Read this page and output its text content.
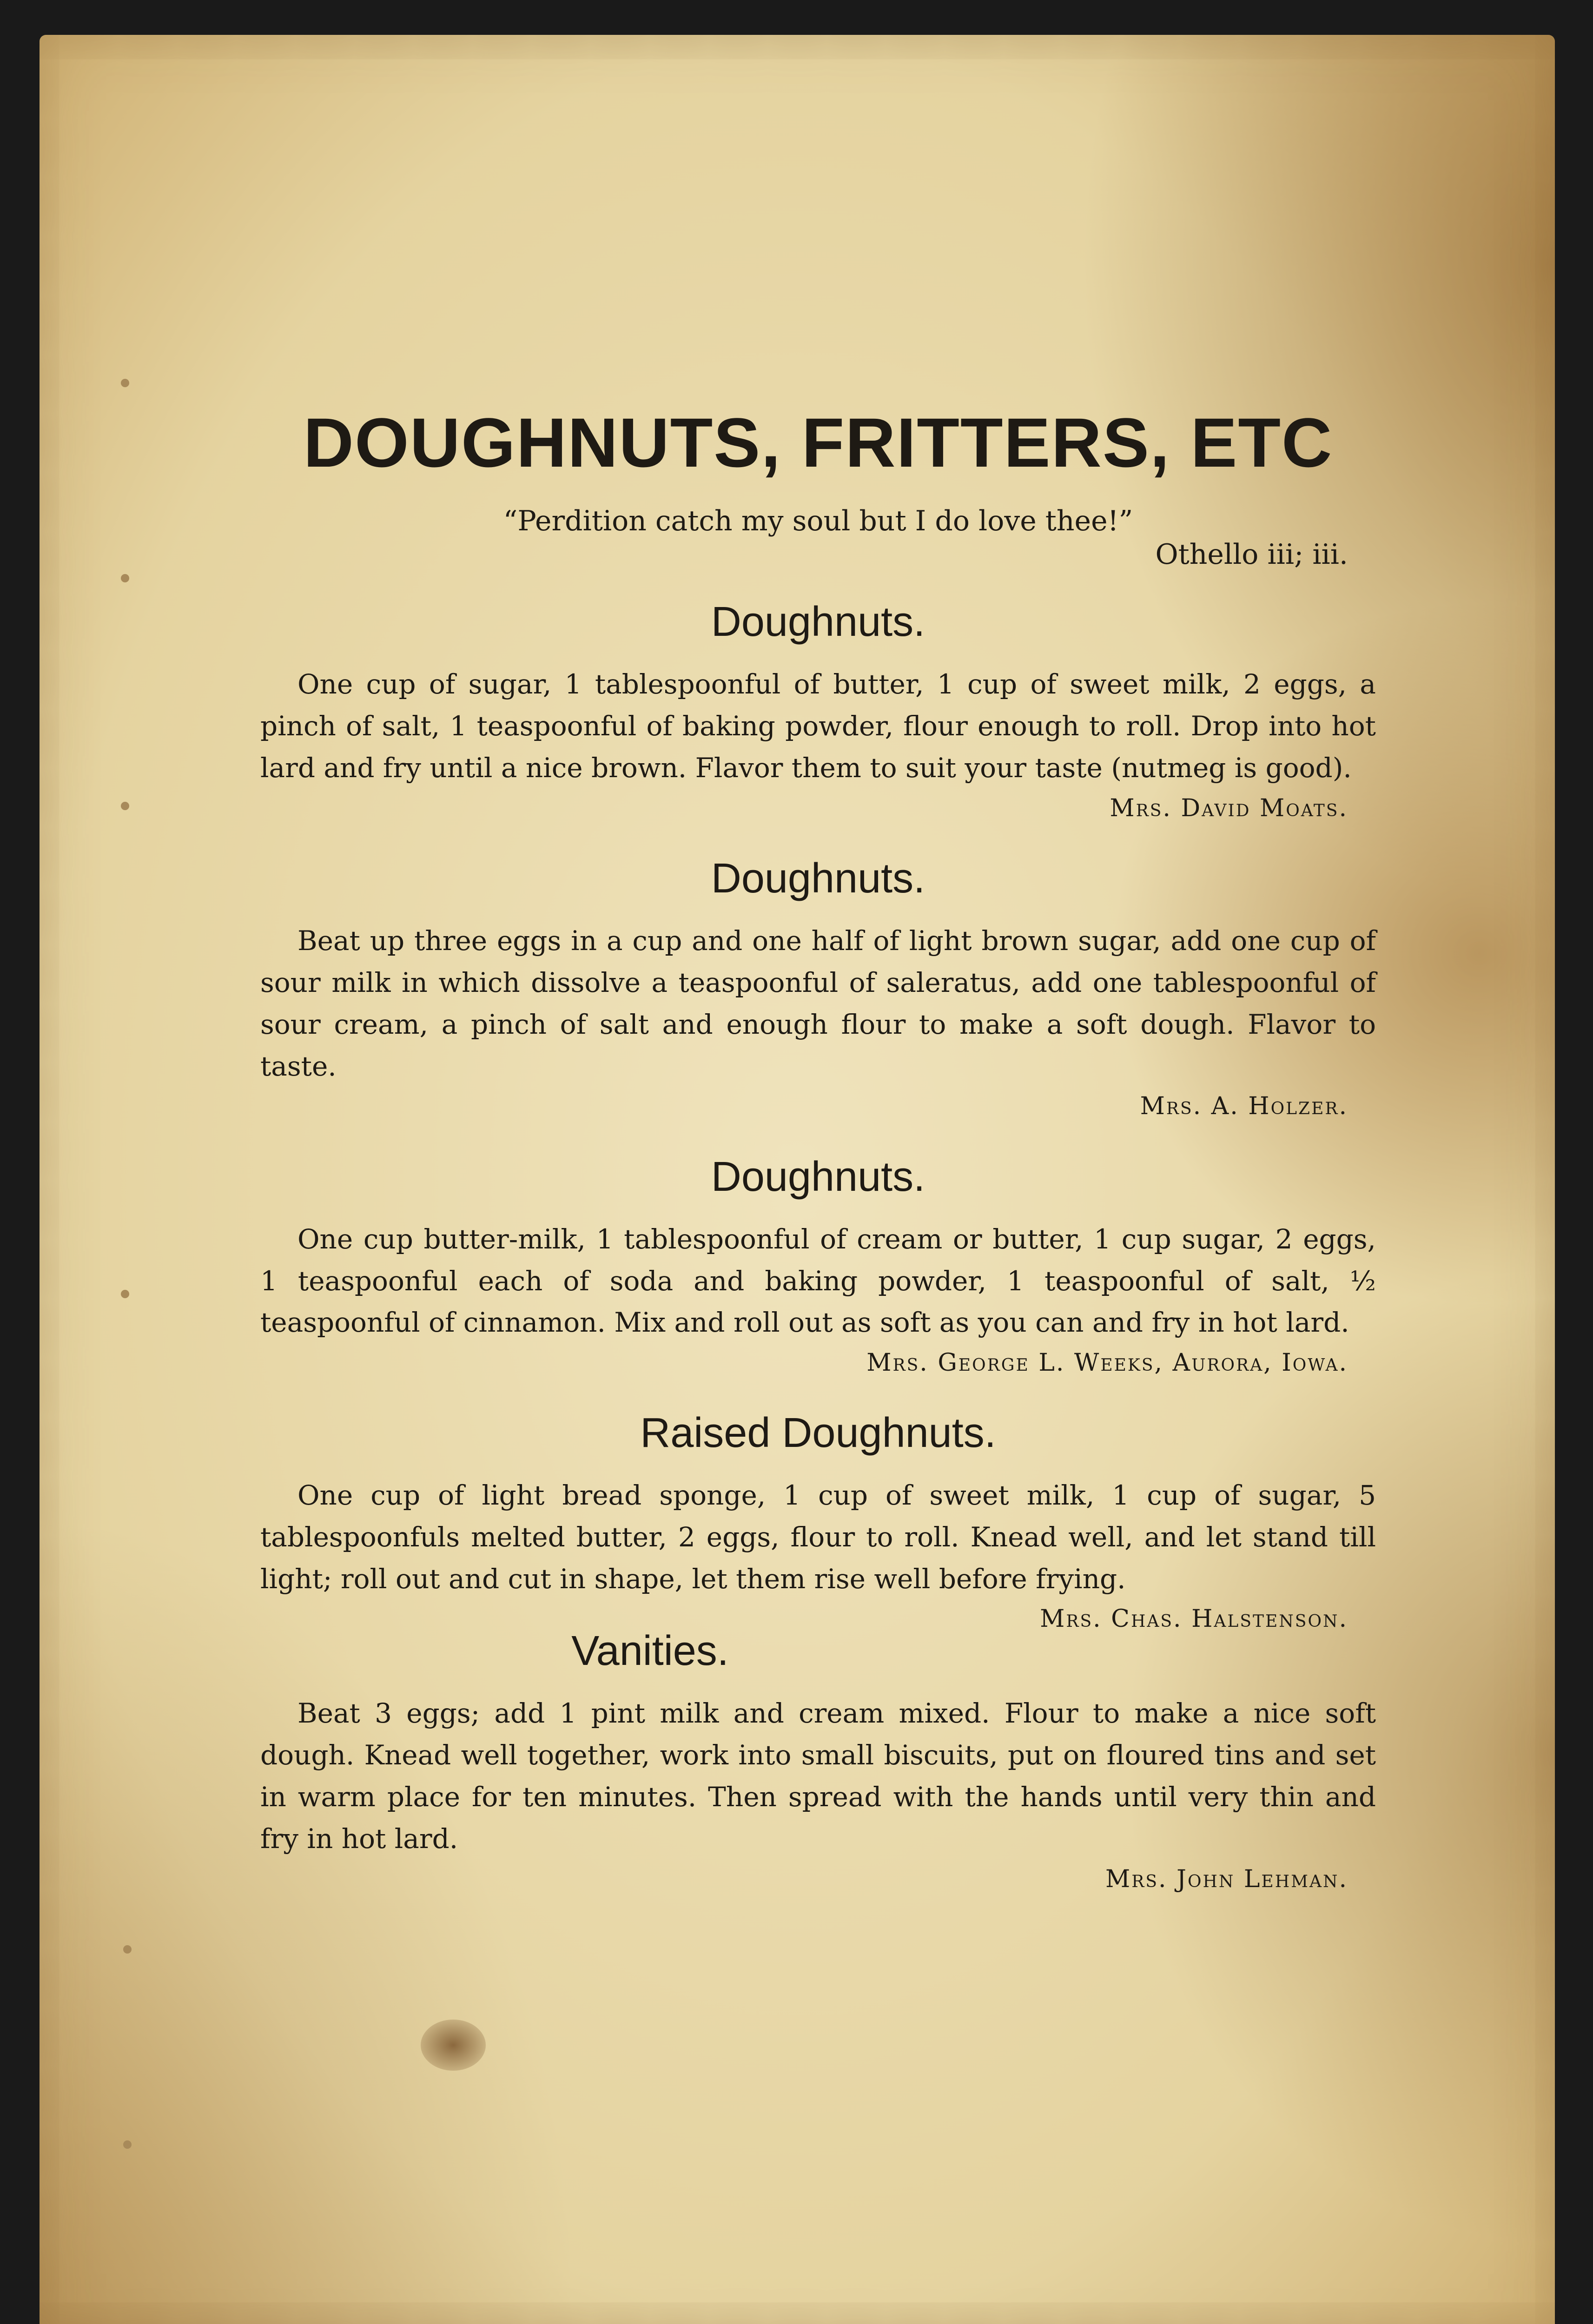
DOUGHNUTS, FRITTERS, ETC
“Perdition catch my soul but I do love thee!”
Othello iii; iii.
Doughnuts.

One cup of sugar, 1 tablespoonful of butter, 1 cup of sweet milk, 2 eggs, a pinch of salt, 1 teaspoonful of baking powder, flour enough to roll. Drop into hot lard and fry until a nice brown. Flavor them to suit your taste (nutmeg is good).

Mrs. David Moats.
Doughnuts.

Beat up three eggs in a cup and one half of light brown sugar, add one cup of sour milk in which dissolve a teaspoonful of saleratus, add one tablespoonful of sour cream, a pinch of salt and enough flour to make a soft dough. Flavor to taste.

Mrs. A. Holzer.
Doughnuts.

One cup butter-milk, 1 tablespoonful of cream or butter, 1 cup sugar, 2 eggs, 1 teaspoonful each of soda and baking powder, 1 teaspoonful of salt, ½ teaspoonful of cinnamon. Mix and roll out as soft as you can and fry in hot lard.

Mrs. George L. Weeks, Aurora, Iowa.
Raised Doughnuts.

One cup of light bread sponge, 1 cup of sweet milk, 1 cup of sugar, 5 tablespoonfuls melted butter, 2 eggs, flour to roll. Knead well, and let stand till light; roll out and cut in shape, let them rise well before frying.
Mrs. Chas. Halstenson.

Vanities.

Beat 3 eggs; add 1 pint milk and cream mixed. Flour to make a nice soft dough. Knead well together, work into small biscuits, put on floured tins and set in warm place for ten minutes. Then spread with the hands until very thin and fry in hot lard.

Mrs. John Lehman.
